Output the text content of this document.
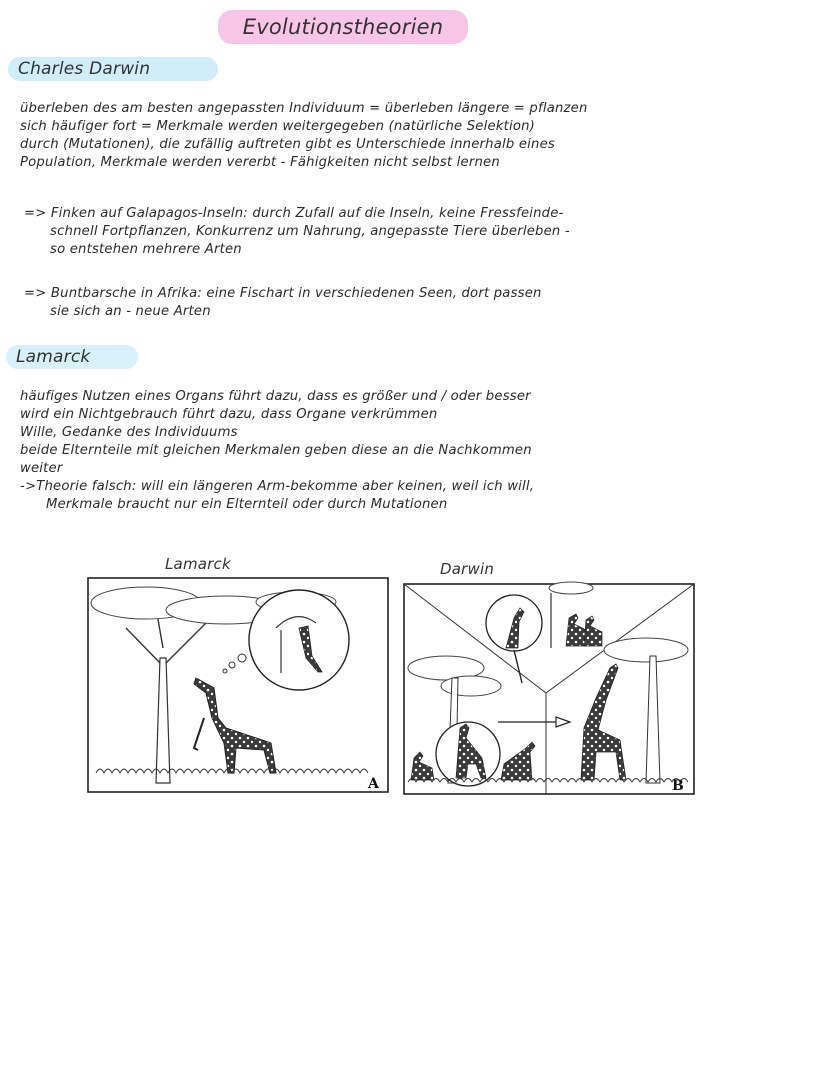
Evolutionstheorien
Charles Darwin
überleben des am besten angepassten Individuum = überleben längere = pflanzen
sich häufiger fort = Merkmale werden weitergegeben (natürliche Selektion)
durch (Mutationen), die zufällig auftreten gibt es Unterschiede innerhalb eines
Population, Merkmale werden vererbt - Fähigkeiten nicht selbst lernen
=> Finken auf Galapagos-Inseln: durch Zufall auf die Inseln, keine Fressfeinde-
schnell Fortpflanzen, Konkurrenz um Nahrung, angepasste Tiere überleben -
so entstehen mehrere Arten
=> Buntbarsche in Afrika: eine Fischart in verschiedenen Seen, dort passen
sie sich an - neue Arten
Lamarck
häufiges Nutzen eines Organs führt dazu, dass es größer und / oder besser
wird ein Nichtgebrauch führt dazu, dass Organe verkrümmen
Wille, Gedanke des Individuums
beide Elternteile mit gleichen Merkmalen geben diese an die Nachkommen
weiter
->Theorie falsch: will ein längeren Arm-bekomme aber keinen, weil ich will,
Merkmale braucht nur ein Elternteil oder durch Mutationen
Lamarck	Darwin
A	B
